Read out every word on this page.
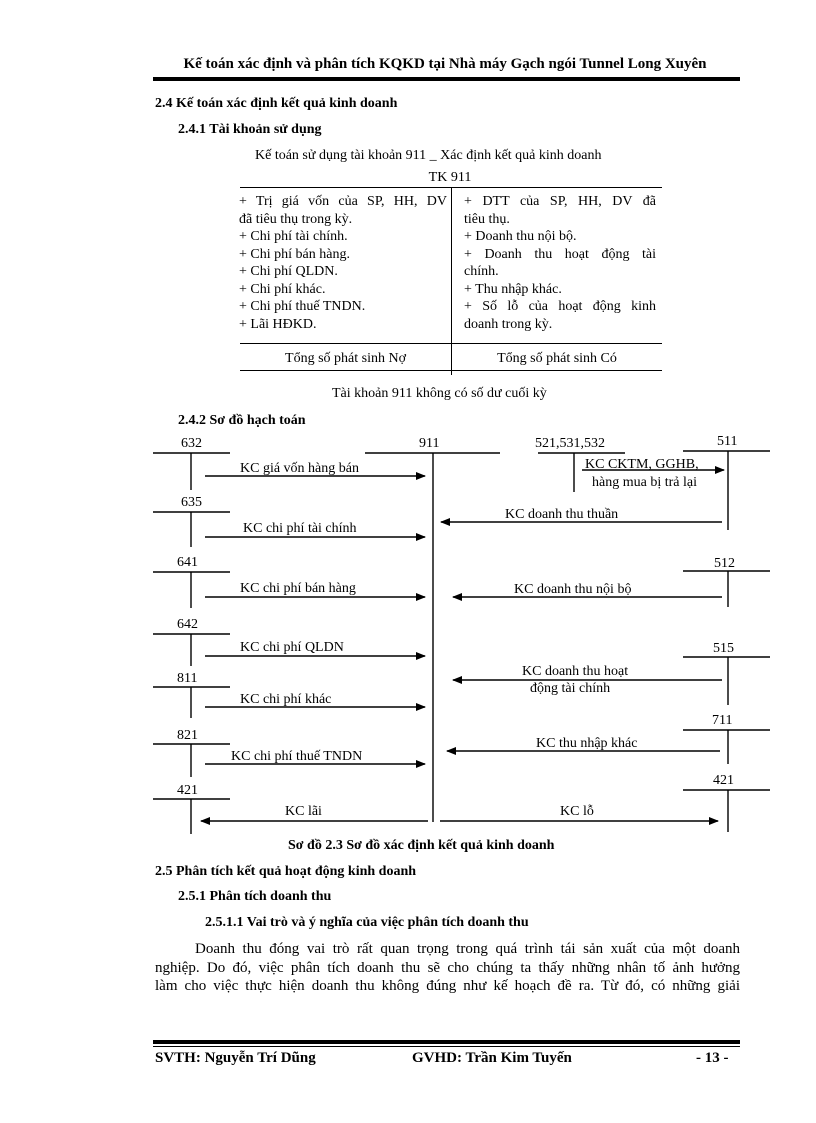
Kế toán xác định và phân tích KQKD tại Nhà máy Gạch ngói Tunnel Long Xuyên
2.4 Kế toán xác định kết quả kinh doanh
2.4.1 Tài khoản sử dụng
Kế toán sử dụng tài khoản 911 _ Xác định kết quả kinh doanh
TK 911
+ Trị giá vốn của SP, HH, DV
đã tiêu thụ trong kỳ.
+ Chi phí tài chính.
+ Chi phí bán hàng.
+ Chi phí QLDN.
+ Chi phí khác.
+ Chi phí thuế TNDN.
+ Lãi HĐKD.
+ DTT của SP, HH, DV đã
tiêu thụ.
+ Doanh thu nội bộ.
+ Doanh thu hoạt động tài
chính.
+ Thu nhập khác.
+ Số lỗ của hoạt động kinh
doanh trong kỳ.
Tổng số phát sinh Nợ	Tổng số phát sinh Có
Tài khoản 911 không có số dư cuối kỳ
2.4.2 Sơ đồ hạch toán
632
635
641
642
811
821
421
911	521,531,532	511
512
515
711
421
KC giá vốn hàng bán
KC chi phí tài chính
KC chi phí bán hàng
KC chi phí QLDN
KC chi phí khác
KC chi phí thuế TNDN
KC lãi
KC CKTM, GGHB,
hàng mua bị trả lại
KC doanh thu thuần
KC doanh thu nội bộ
KC doanh thu hoạt
động tài chính
KC thu nhập khác
KC lỗ
Sơ đồ 2.3 Sơ đồ xác định kết quả kinh doanh
2.5 Phân tích kết quả hoạt động kinh doanh
2.5.1 Phân tích doanh thu
2.5.1.1 Vai trò và ý nghĩa của việc phân tích doanh thu
Doanh thu đóng vai trò rất quan trọng trong quá trình tái sản xuất của một doanh
nghiệp. Do đó, việc phân tích doanh thu sẽ cho chúng ta thấy những nhân tố ảnh hưởng
làm cho việc thực hiện doanh thu không đúng như kế hoạch đề ra. Từ đó, có những giải
SVTH: Nguyễn Trí Dũng	GVHD: Trần Kim Tuyến	- 13 -
